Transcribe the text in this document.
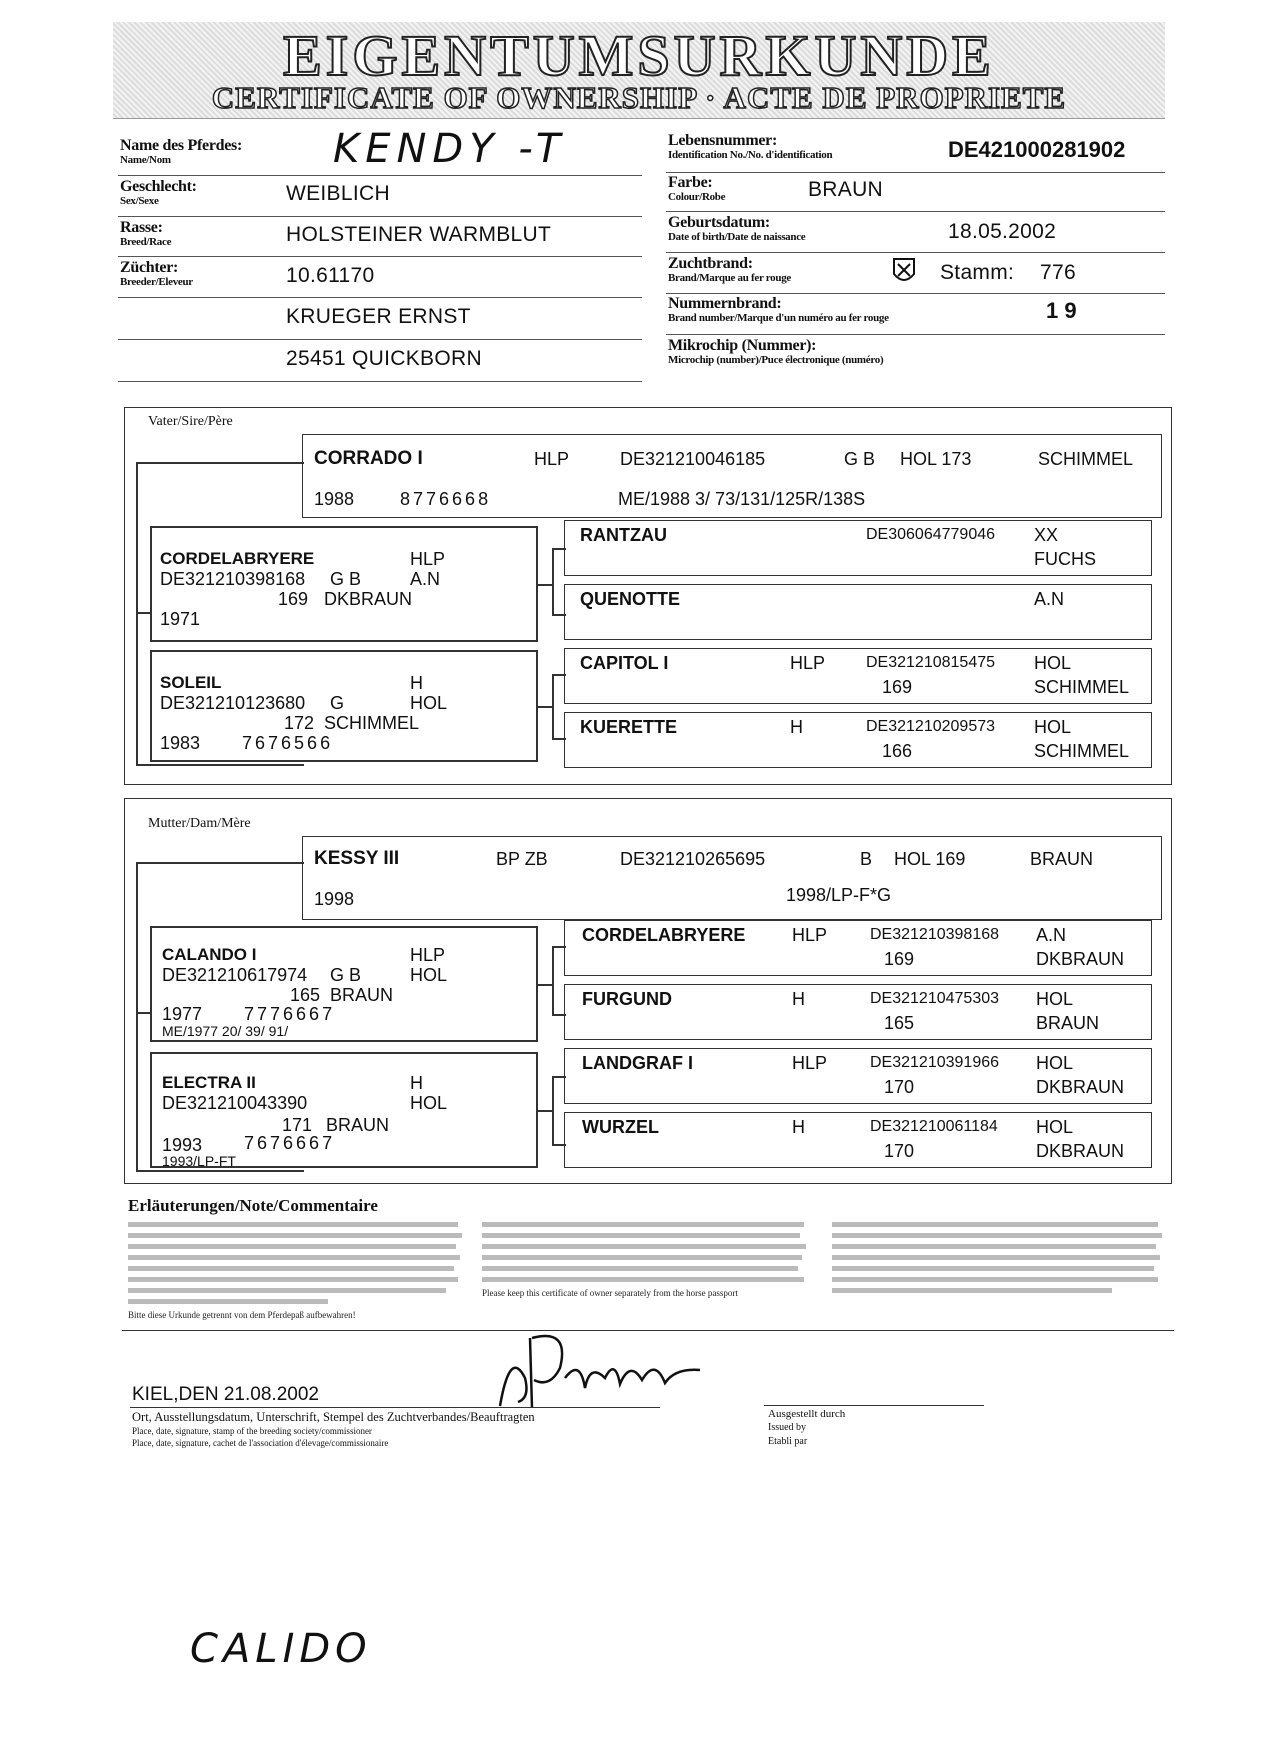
EIGENTUMSURKUNDE
CERTIFICATE OF OWNERSHIP · ACTE DE PROPRIETE
Name des Pferdes:
Name/Nom	KENDY -T
Geschlecht:
Sex/Sexe	WEIBLICH
Rasse:
Breed/Race	HOLSTEINER WARMBLUT
Züchter:
Breeder/Eleveur	10.61170
KRUEGER ERNST
25451 QUICKBORN
Lebensnummer:
Identification No./No. d'identification	DE421000281902
Farbe:
Colour/Robe	BRAUN
Geburtsdatum:
Date of birth/Date de naissance	18.05.2002
Zuchtbrand:
Brand/Marque au fer rouge	Stamm: 776
Nummernbrand:
Brand number/Marque d'un numéro au fer rouge	1 9
Mikrochip (Nummer):
Microchip (number)/Puce électronique (numéro)
Vater/Sire/Père
CORRADO I	HLP	DE321210046185	G B HOL 173	SCHIMMEL
1988	8776668	ME/1988 3/ 73/131/125R/138S
CORDELABRYERE	HLP
DE321210398168 G B	A.N
169 DKBRAUN
1971
SOLEIL	H
DE321210123680 G	HOL
172 SCHIMMEL
1983 7676566
RANTZAU	DE306064779046 XX
FUCHS
QUENOTTE	A.N
CAPITOL I	HLP	DE321210815475 HOL
169	SCHIMMEL
KUERETTE	H	DE321210209573 HOL
166	SCHIMMEL
Mutter/Dam/Mère
KESSY III	BP ZB	DE321210265695	B HOL 169	BRAUN
1998	1998/LP-F*G
CALANDO I	HLP
DE321210617974 G B	HOL
165 BRAUN
1977 7776667
ME/1977 20/ 39/ 91/
ELECTRA II	H
DE321210043390	HOL
171 BRAUN
1993 7676667
1993/LP-FT
CORDELABRYERE	HLP	DE321210398168 A.N
169	DKBRAUN
FURGUND	H	DE321210475303 HOL
165	BRAUN
LANDGRAF I	HLP	DE321210391966 HOL
170	DKBRAUN
WURZEL	H	DE321210061184 HOL
170	DKBRAUN
Erläuterungen/Note/Commentaire
Bitte diese Urkunde getrennt von dem Pferdepaß aufbewahren!
Please keep this certificate of owner separately from the horse passport
KIEL,DEN 21.08.2002
Ort, Ausstellungsdatum, Unterschrift, Stempel des Zuchtverbandes/Beauftragten
Place, date, signature, stamp of the breeding society/commissioner
Place, date, signature, cachet de l'association d'élevage/commissionaire
Ausgestellt durch
Issued by
Etabli par
CALIDO
